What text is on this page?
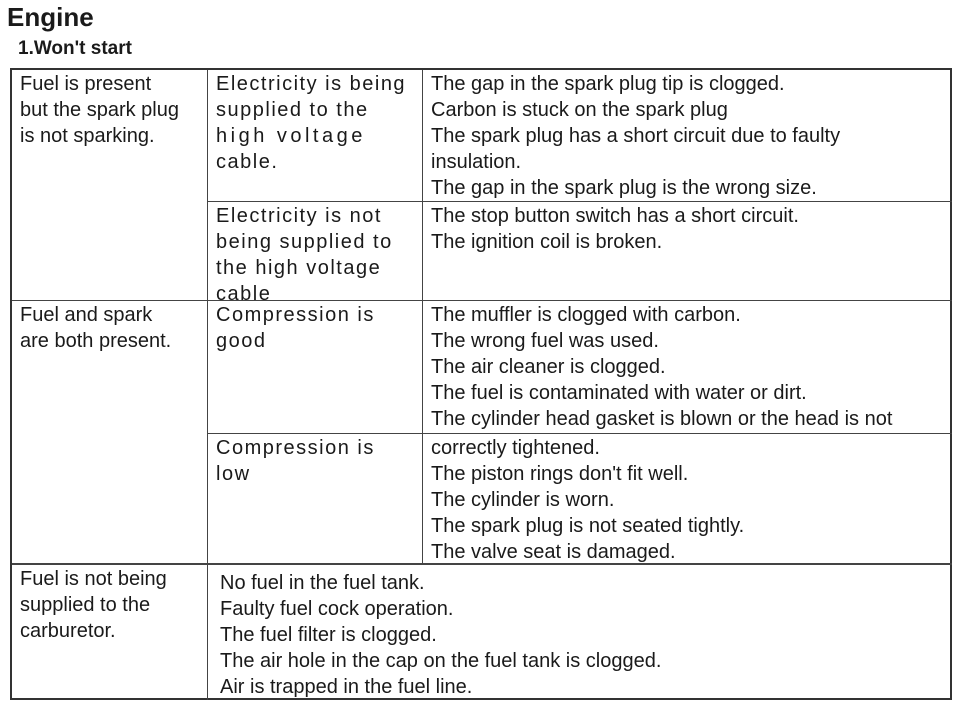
Engine
1.Won't start
Fuel is present
but the spark plug
is not sparking.
Electricity is being
supplied to the
high voltage
cable.
The gap in the spark plug tip is clogged.
Carbon is stuck on the spark plug
The spark plug has a short circuit due to faulty
insulation.
The gap in the spark plug is the wrong size.
Electricity is not
being supplied to
the high voltage
cable
The stop button switch has a short circuit.
The ignition coil is broken.
Fuel and spark
are both present.
Compression is
good
The muffler is clogged with carbon.
The wrong fuel was used.
The air cleaner is clogged.
The fuel is contaminated with water or dirt.
The cylinder head gasket is blown or the head is not
Compression is
low
correctly tightened.
The piston rings don't fit well.
The cylinder is worn.
The spark plug is not seated tightly.
The valve seat is damaged.
Fuel is not being
supplied to the
carburetor.
No fuel in the fuel tank.
Faulty fuel cock operation.
The fuel filter is clogged.
The air hole in the cap on the fuel tank is clogged.
Air is trapped in the fuel line.
